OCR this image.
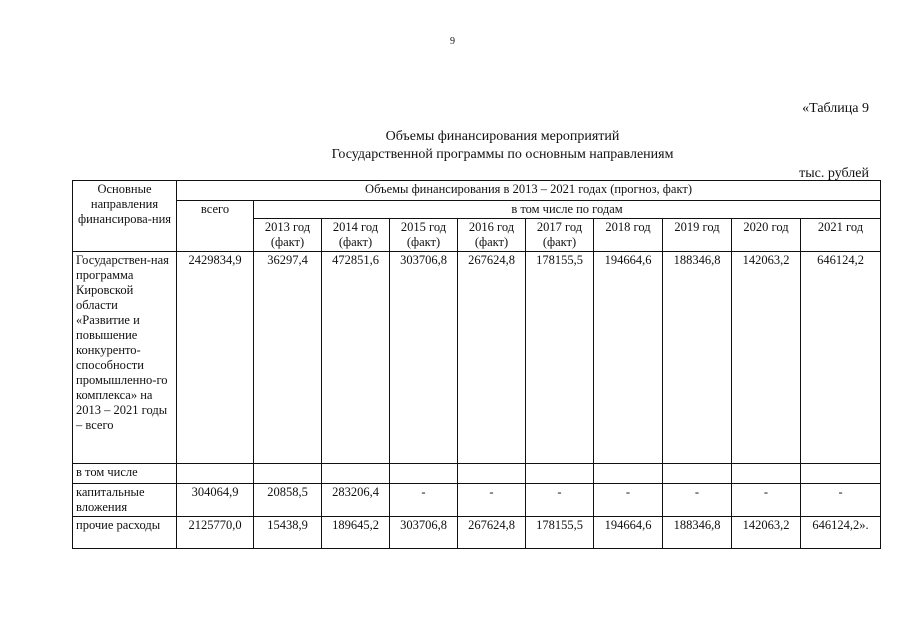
9
«Таблица 9
Объемы финансирования мероприятий
Государственной программы по основным направлениям
тыс. рублей
Основные направления финансирова-ния	Объемы финансирования в 2013 – 2021 годах (прогноз, факт)									
	всего	в том числе по годам								
		2013 год (факт)	2014 год (факт)	2015 год (факт)	2016 год (факт)	2017 год (факт)	2018 год	2019 год	2020 год	2021 год
Государствен-ная программа Кировской области «Развитие и повышение конкуренто-способности промышленно-го комплекса» на 2013 – 2021 годы – всего	2429834,9	36297,4	472851,6	303706,8	267624,8	178155,5	194664,6	188346,8	142063,2	646124,2
в том числе										
капитальные вложения	304064,9	20858,5	283206,4	-	-	-	-	-	-	-
прочие расходы	2125770,0	15438,9	189645,2	303706,8	267624,8	178155,5	194664,6	188346,8	142063,2	646124,2».
